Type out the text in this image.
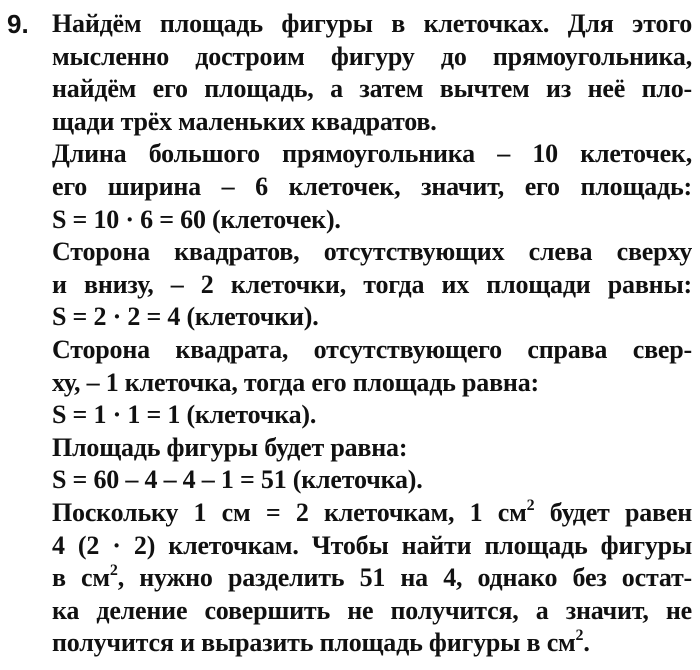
9. Найдём площадь фигуры в клеточках. Для этого
мысленно достроим фигуру до прямоугольника,
найдём его площадь, а затем вычтем из неё пло-
щади трёх маленьких квадратов.
Длина большого прямоугольника – 10 клеточек,
его ширина – 6 клеточек, значит, его площадь:
S = 10 · 6 = 60 (клеточек).
Сторона квадратов, отсутствующих слева сверху
и внизу, – 2 клеточки, тогда их площади равны:
S = 2 · 2 = 4 (клеточки).
Сторона квадрата, отсутствующего справа свер-
ху, – 1 клеточка, тогда его площадь равна:
S = 1 · 1 = 1 (клеточка).
Площадь фигуры будет равна:
S = 60 – 4 – 4 – 1 = 51 (клеточка).
Поскольку 1 см = 2 клеточкам, 1 $см^2$ будет равен
4 (2 · 2) клеточкам. Чтобы найти площадь фигуры
в $см^2$, нужно разделить 51 на 4, однако без остат-
ка деление совершить не получится, а значит, не
получится и выразить площадь фигуры в $см^2$.
